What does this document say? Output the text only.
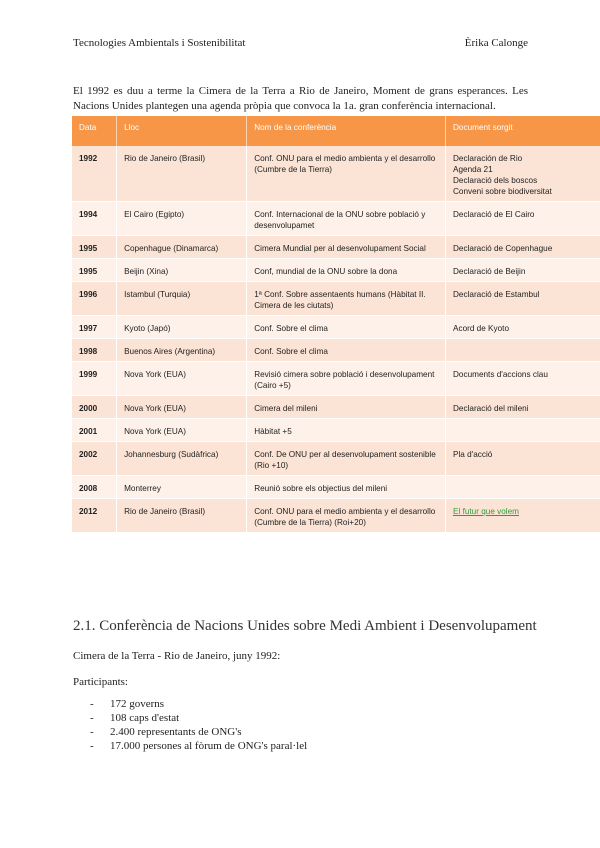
Tecnologies Ambientals i Sostenibilitat	Èrika Calonge

El 1992 es duu a terme la Cimera de la Terra a Rio de Janeiro, Moment de grans esperances. Les Nacions Unides plantegen una agenda pròpia que convoca la 1a. gran conferència internacional.

Data	Lloc	Nom de la conferència	Document sorgit
1992	Rio de Janeiro (Brasil)	Conf. ONU para el medio ambienta y el desarrollo (Cumbre de la Tierra)	Declaración de Rio
Agenda 21
Declaració dels boscos
Conveni sobre biodiversitat

1994	El Cairo (Egipto)	Conf. Internacional de la ONU sobre població y desenvolupamet	Declaració de El Cairo
1995	Copenhague (Dinamarca)	Cimera Mundial per al desenvolupament Social	Declaració de Copenhague
1995	Beijin (Xina)	Conf, mundial de la ONU sobre la dona	Declaració de Beijin
1996	Istambul (Turquia)	1ª Conf. Sobre assentaents humans (Hàbitat II. Cimera de les ciutats)	Declaració de Estambul
1997	Kyoto (Japó)	Conf. Sobre el clima	Acord de Kyoto
1998	Buenos Aires (Argentina)	Conf. Sobre el clima	
1999	Nova York (EUA)	Revisió cimera sobre població i desenvolupament (Cairo +5)	Documents d'accions clau
2000	Nova York (EUA)	Cimera del mileni	Declaració del mileni
2001	Nova York (EUA)	Hàbitat +5	
2002	Johannesburg (Sudàfrica)	Conf. De ONU per al desenvolupament sostenible (Rio +10)	Pla d'acció
2008	Monterrey	Reunió sobre els objectius del mileni	
2012	Rio de Janeiro (Brasil)	Conf. ONU para el medio ambienta y el desarrollo (Cumbre de la Tierra) (Roi+20)	El futur que volem
2.1. Conferència de Nacions Unides sobre Medi Ambient i Desenvolupament
Cimera de la Terra - Rio de Janeiro, juny 1992:
Participants:
- 172 governs
- 108 caps d'estat
- 2.400 representants de ONG's
- 17.000 persones al fòrum de ONG's paral·lel
